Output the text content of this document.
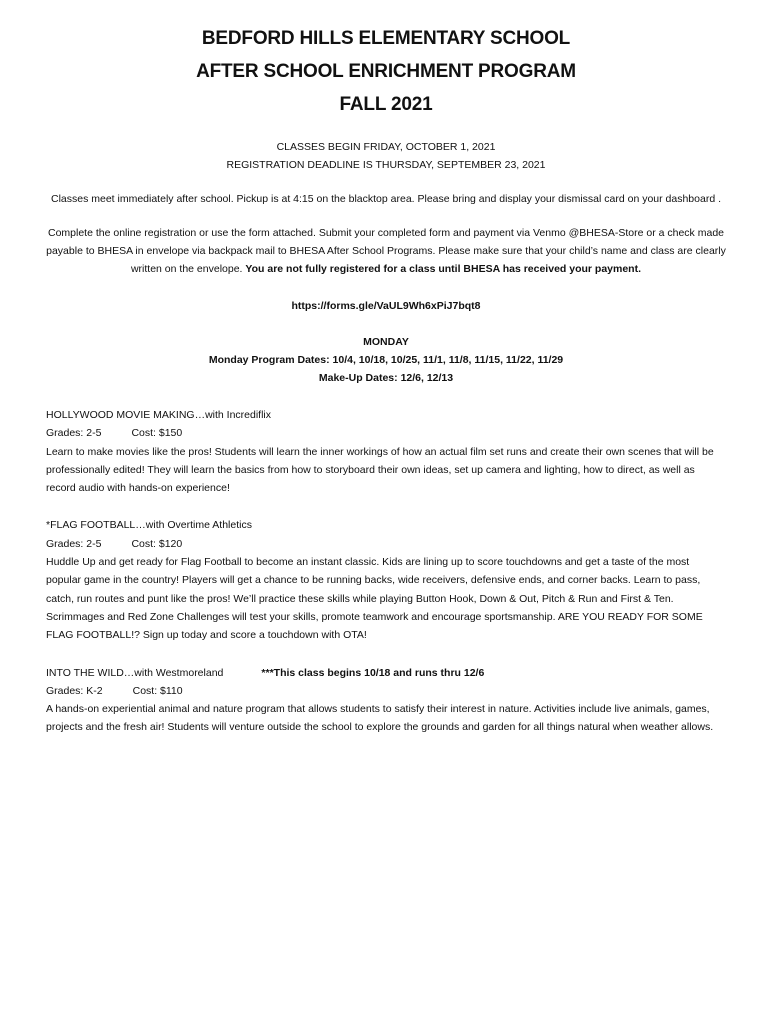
BEDFORD HILLS ELEMENTARY SCHOOL
AFTER SCHOOL ENRICHMENT PROGRAM
FALL 2021
CLASSES BEGIN FRIDAY, OCTOBER 1, 2021
REGISTRATION DEADLINE IS THURSDAY, SEPTEMBER 23, 2021
Classes meet immediately after school. Pickup is at 4:15 on the blacktop area. Please bring and display your dismissal card on your dashboard .
Complete the online registration or use the form attached. Submit your completed form and payment via Venmo @BHESA-Store or a check made payable to BHESA in envelope via backpack mail to BHESA After School Programs. Please make sure that your child’s name and class are clearly written on the envelope. You are not fully registered for a class until BHESA has received your payment.
https://forms.gle/VaUL9Wh6xPiJ7bqt8
MONDAY
Monday Program Dates: 10/4, 10/18, 10/25, 11/1, 11/8, 11/15, 11/22, 11/29
Make-Up Dates: 12/6, 12/13
HOLLYWOOD MOVIE MAKING…with Incrediflix
Grades: 2-5	Cost: $150
Learn to make movies like the pros! Students will learn the inner workings of how an actual film set runs and create their own scenes that will be professionally edited! They will learn the basics from how to storyboard their own ideas, set up camera and lighting, how to direct, as well as record audio with hands-on experience!
*FLAG FOOTBALL…with Overtime Athletics
Grades: 2-5	Cost: $120
Huddle Up and get ready for Flag Football to become an instant classic. Kids are lining up to score touchdowns and get a taste of the most popular game in the country! Players will get a chance to be running backs, wide receivers, defensive ends, and corner backs. Learn to pass, catch, run routes and punt like the pros! We’ll practice these skills while playing Button Hook, Down & Out, Pitch & Run and First & Ten. Scrimmages and Red Zone Challenges will test your skills, promote teamwork and encourage sportsmanship. ARE YOU READY FOR SOME FLAG FOOTBALL!? Sign up today and score a touchdown with OTA!
INTO THE WILD…with Westmoreland	***This class begins 10/18 and runs thru 12/6
Grades: K-2	Cost: $110
A hands-on experiential animal and nature program that allows students to satisfy their interest in nature. Activities include live animals, games, projects and the fresh air! Students will venture outside the school to explore the grounds and garden for all things natural when weather allows.
